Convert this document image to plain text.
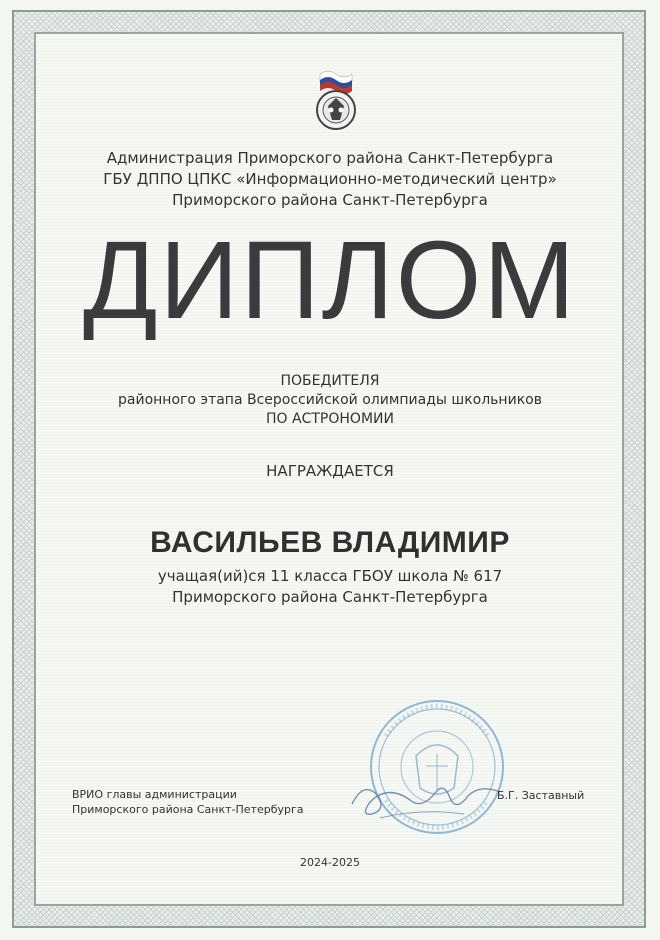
Администрация Приморского района Санкт-Петербурга
ГБУ ДППО ЦПКС «Информационно-методический центр»
Приморского района Санкт-Петербурга
ДИПЛОМ
ПОБЕДИТЕЛЯ
районного этапа Всероссийской олимпиады школьников
ПО АСТРОНОМИИ
НАГРАЖДАЕТСЯ
ВАСИЛЬЕВ ВЛАДИМИР
учащая(ий)ся 11 класса ГБОУ школа № 617
Приморского района Санкт-Петербурга
ВРИО главы администрации
Приморского района Санкт-Петербурга
Б.Г. Заставный
2024-2025
